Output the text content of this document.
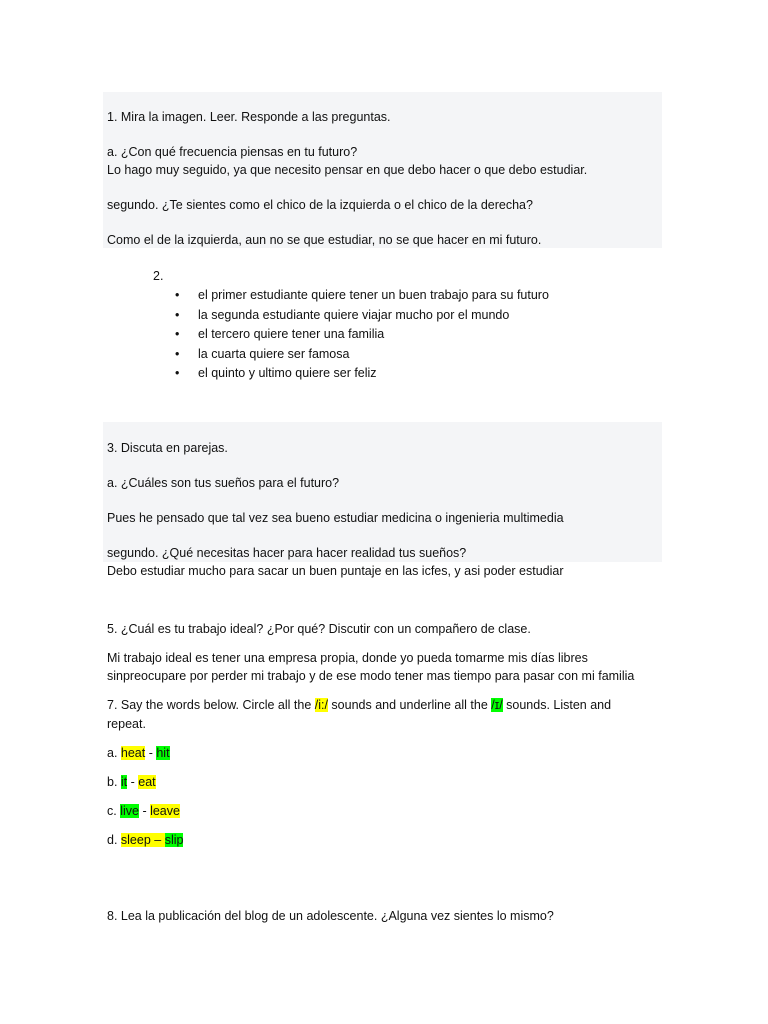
1. Mira la imagen. Leer. Responde a las preguntas.
a. ¿Con qué frecuencia piensas en tu futuro?
Lo hago muy seguido, ya que necesito pensar en que debo hacer o que debo estudiar.
segundo. ¿Te sientes como el chico de la izquierda o el chico de la derecha?
Como el de la izquierda, aun no se que estudiar, no se que hacer en mi futuro.
2.
• el primer estudiante quiere tener un buen trabajo para su futuro
• la segunda estudiante quiere viajar mucho por el mundo
• el tercero quiere tener una familia
• la cuarta quiere ser famosa
• el quinto y ultimo quiere ser feliz
3. Discuta en parejas.
a. ¿Cuáles son tus sueños para el futuro?
Pues he pensado que tal vez sea bueno estudiar medicina o ingenieria multimedia
segundo. ¿Qué necesitas hacer para hacer realidad tus sueños?
Debo estudiar mucho para sacar un buen puntaje en las icfes, y asi poder estudiar
5. ¿Cuál es tu trabajo ideal? ¿Por qué? Discutir con un compañero de clase.
Mi trabajo ideal es tener una empresa propia, donde yo pueda tomarme mis días libres
sinpreocupare por perder mi trabajo y de ese modo tener mas tiempo para pasar con mi familia
7. Say the words below. Circle all the /i:/ sounds and underline all the /ɪ/ sounds. Listen and
repeat.
a. heat - hit
b. it - eat
c. live - leave
d. sleep – slip
8. Lea la publicación del blog de un adolescente. ¿Alguna vez sientes lo mismo?
